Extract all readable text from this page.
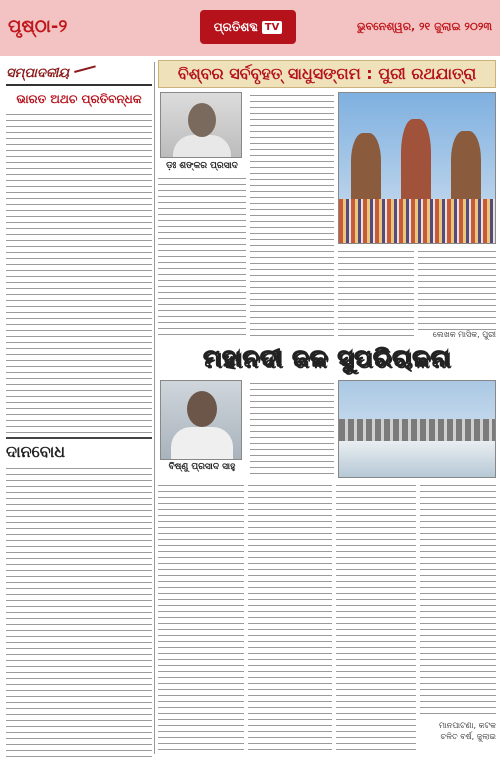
ପୃଷ୍ଠା-୨	ପ୍ରତିଶବ୍ଦ TV	ଭୁବନେଶ୍ୱର, ୨୧ ଜୁଲାଇ ୨୦୨୩
ସମ୍ପାଦକୀୟ
ଭାରତ ଅଥଚ ପ୍ରତିବନ୍ଧକ
ଦାନବୋଧ
ବିଶ୍ବର ସର୍ବବୃହତ୍ ସାଧୁସଙ୍ଗମ : ପୁରୀ ରଥଯାତ୍ରା
ଡ଼ଃ ଶଙ୍କର ପ୍ରସାଦ
ଲେଖକ ମାସିକ, ପୁରୀ
ମହାନଦୀ ଜଳ ସୁପରିଚାଳନା
ବିଷ୍ଣୁ ପ୍ରସାଦ ସାହୁ
ମାନପାଟଣା, କଟକ
ଚଳିତ ବର୍ଷ, ଜୁଲାଇ
